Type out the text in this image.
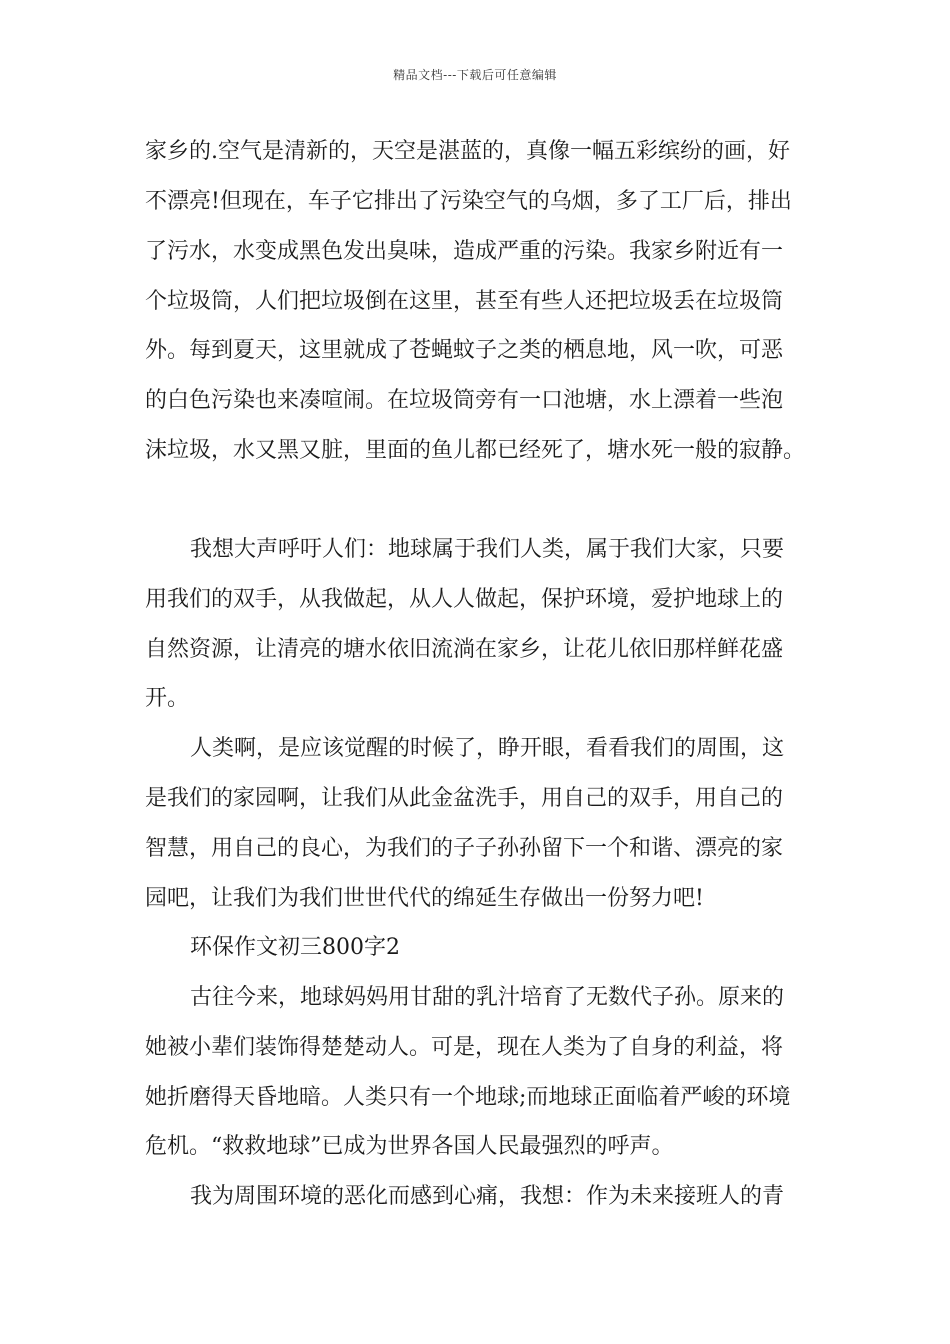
精品文档---下载后可任意编辑
家乡的.空气是清新的，天空是湛蓝的，真像一幅五彩缤纷的画，好
不漂亮!但现在，车子它排出了污染空气的乌烟，多了工厂后，排出
了污水，水变成黑色发出臭味，造成严重的污染。我家乡附近有一
个垃圾筒，人们把垃圾倒在这里，甚至有些人还把垃圾丢在垃圾筒
外。每到夏天，这里就成了苍蝇蚊子之类的栖息地，风一吹，可恶
的白色污染也来凑喧闹。在垃圾筒旁有一口池塘，水上漂着一些泡
沫垃圾，水又黑又脏，里面的鱼儿都已经死了，塘水死一般的寂静。
我想大声呼吁人们：地球属于我们人类，属于我们大家，只要
用我们的双手，从我做起，从人人做起，保护环境，爱护地球上的
自然资源，让清亮的塘水依旧流淌在家乡，让花儿依旧那样鲜花盛
开。
人类啊，是应该觉醒的时候了，睁开眼，看看我们的周围，这
是我们的家园啊，让我们从此金盆洗手，用自己的双手，用自己的
智慧，用自己的良心，为我们的子子孙孙留下一个和谐、漂亮的家
园吧，让我们为我们世世代代的绵延生存做出一份努力吧!
环保作文初三800字2
古往今来，地球妈妈用甘甜的乳汁培育了无数代子孙。原来的
她被小辈们装饰得楚楚动人。可是，现在人类为了自身的利益，将
她折磨得天昏地暗。人类只有一个地球;而地球正面临着严峻的环境
危机。“救救地球”已成为世界各国人民最强烈的呼声。
我为周围环境的恶化而感到心痛，我想：作为未来接班人的青
